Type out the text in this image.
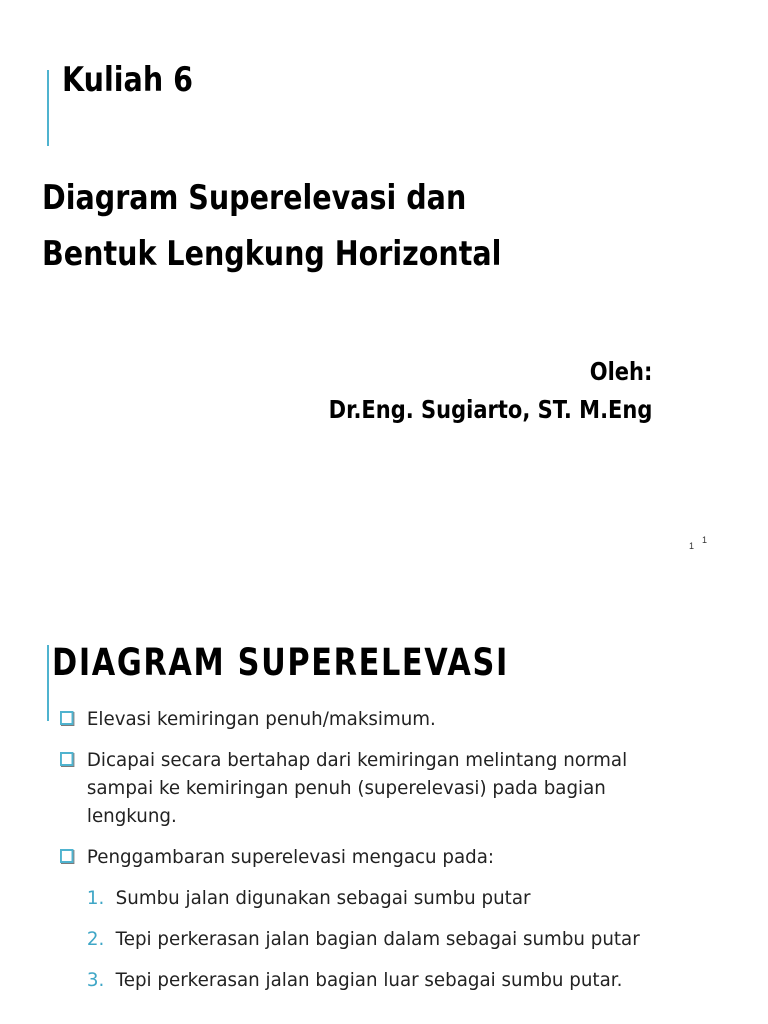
Kuliah 6
Diagram Superelevasi dan
Bentuk Lengkung Horizontal
Oleh:
Dr.Eng. Sugiarto, ST. M.Eng
11
DIAGRAM SUPERELEVASI
Elevasi kemiringan penuh/maksimum.
Dicapai secara bertahap dari kemiringan melintang normal sampai ke kemiringan penuh (superelevasi) pada bagian lengkung.
Penggambaran superelevasi mengacu pada:
1. Sumbu jalan digunakan sebagai sumbu putar
2. Tepi perkerasan jalan bagian dalam sebagai sumbu putar
3. Tepi perkerasan jalan bagian luar sebagai sumbu putar.
